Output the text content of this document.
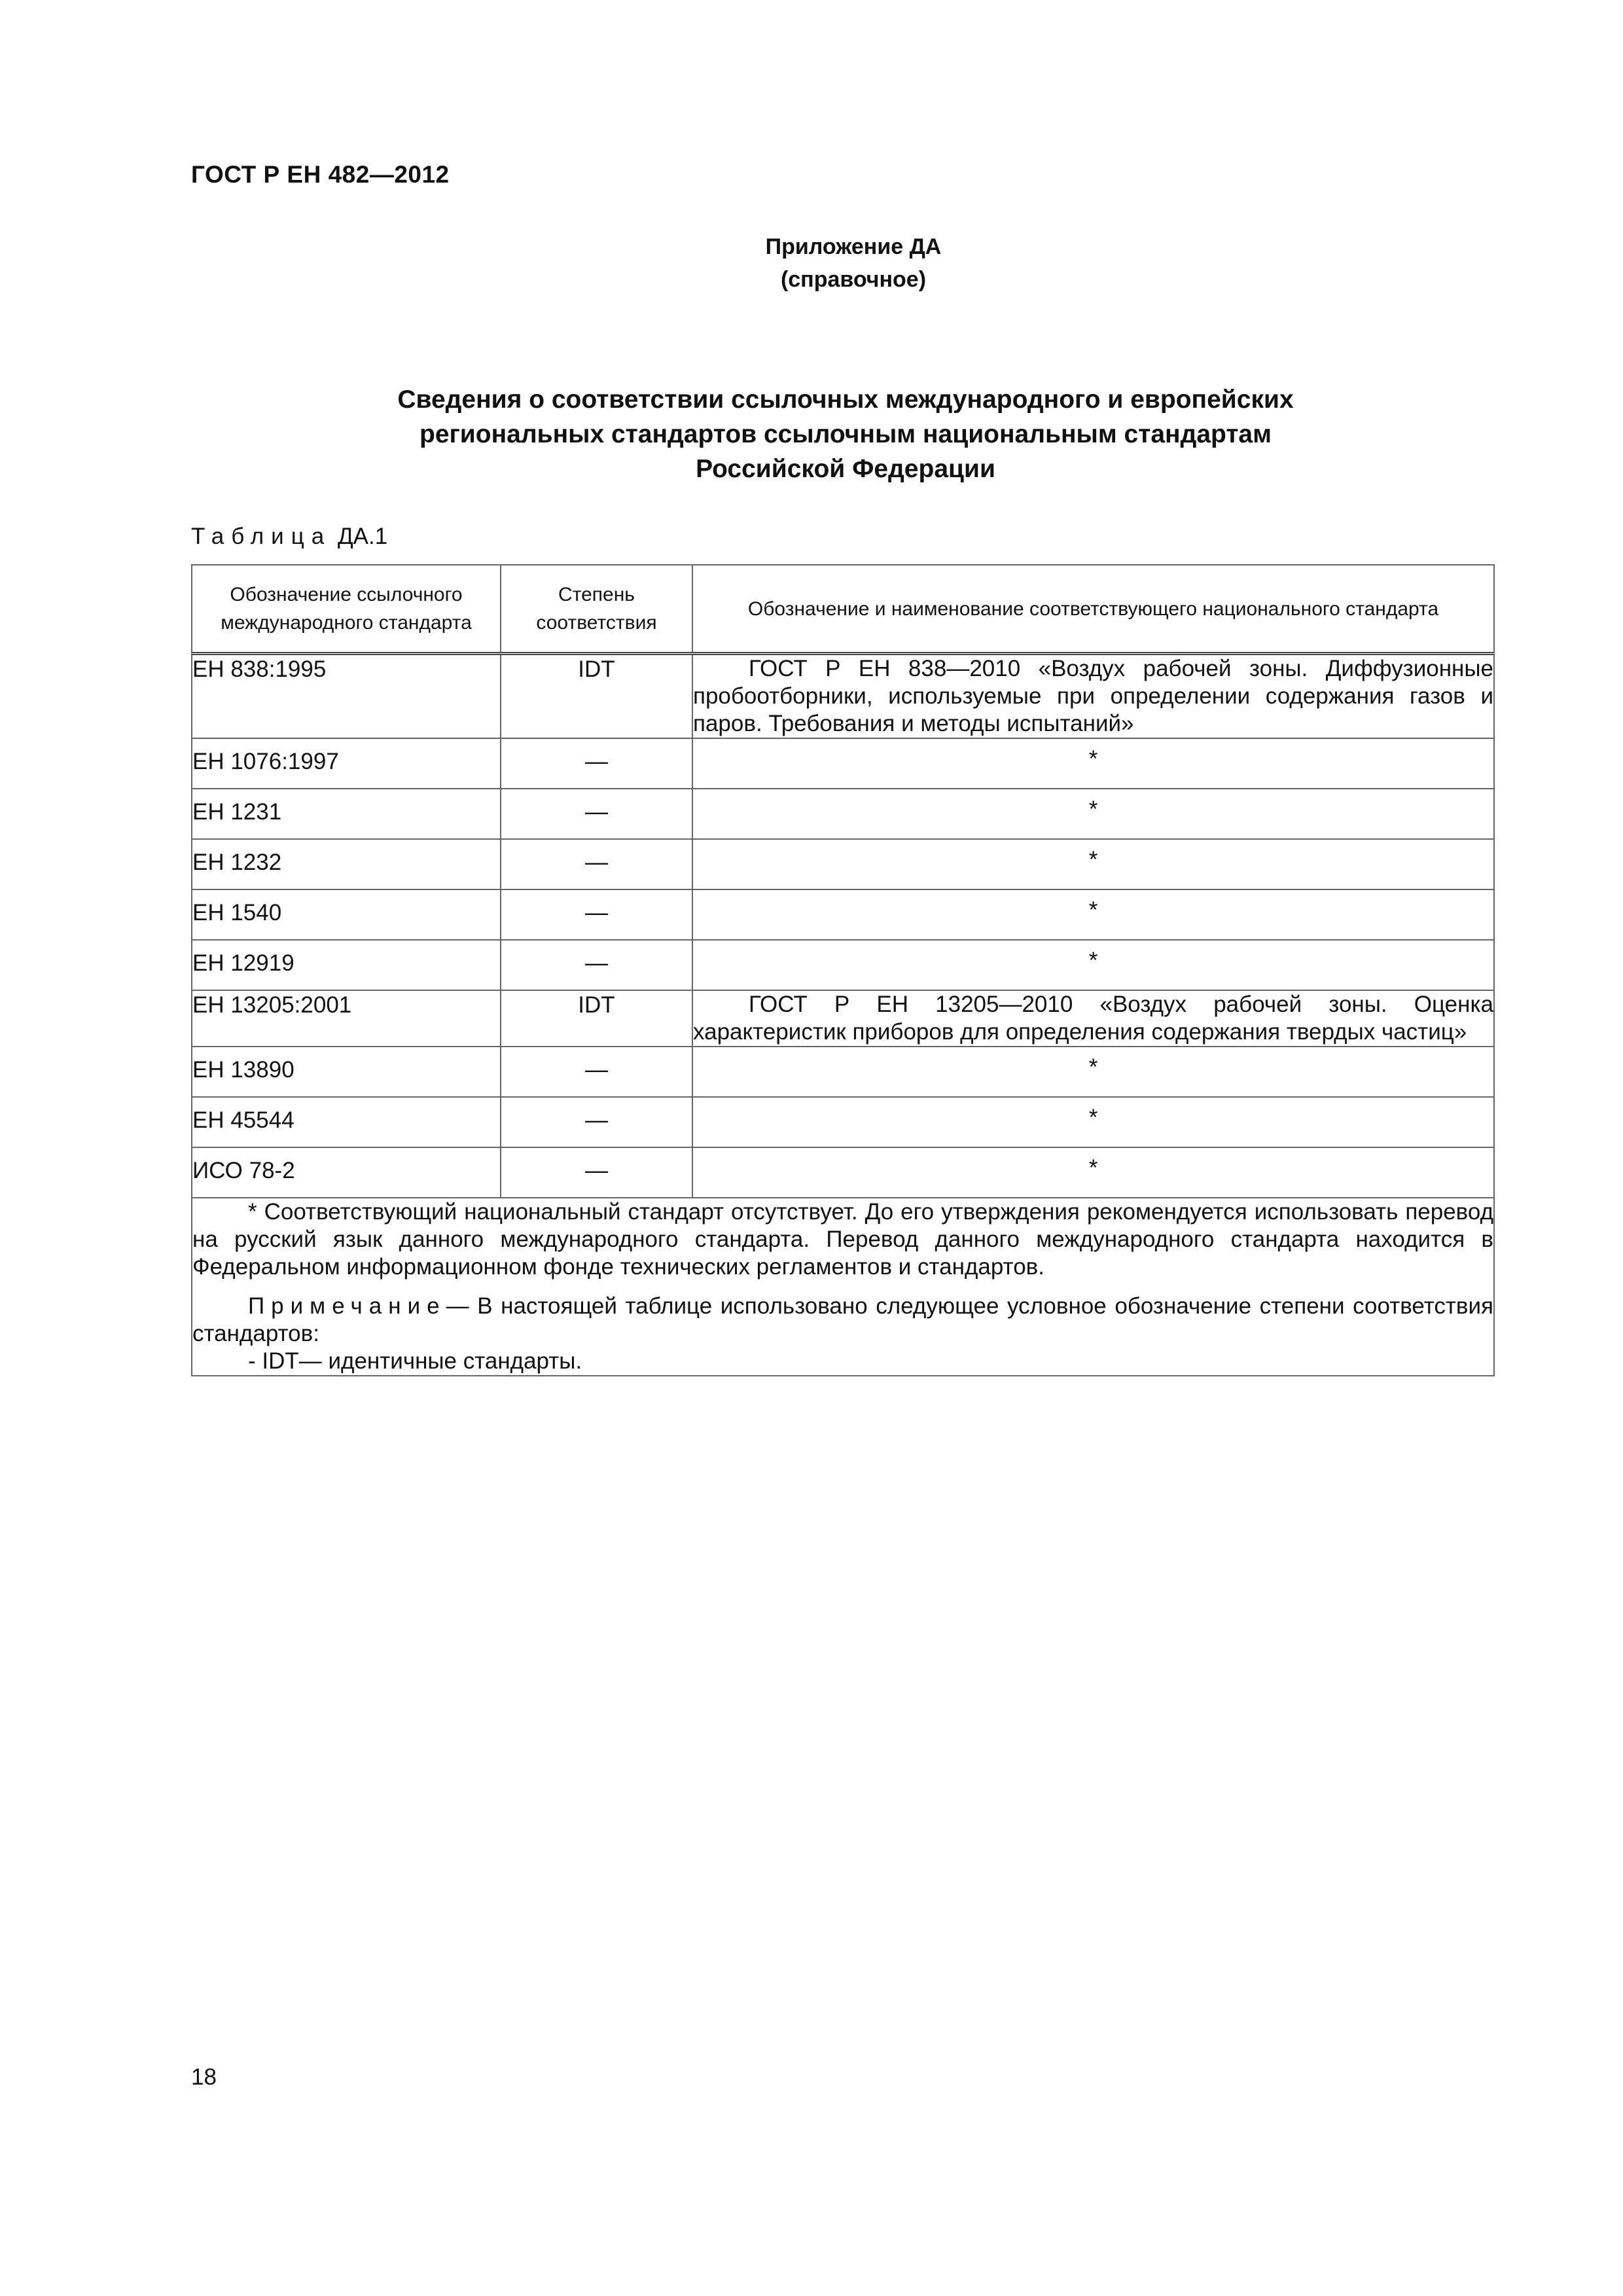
ГОСТ Р ЕН 482—2012
Приложение ДА
(справочное)
Сведения о соответствии ссылочных международного и европейских
региональных стандартов ссылочным национальным стандартам
Российской Федерации
Таблица ДА.1
Обозначение ссылочного международного стандарта	Степень соответствия	Обозначение и наименование соответствующего национального стандарта
ЕН 838:1995	IDT	ГОСТ Р ЕН 838—2010 «Воздух рабочей зоны. Диффузионные пробоотборники, используемые при определении содержания газов и паров. Требования и методы испытаний»

ЕН 1076:1997	—	*
ЕН 1231	—	*
ЕН 1232	—	*
ЕН 1540	—	*
ЕН 12919	—	*
ЕН 13205:2001	IDT	ГОСТ Р ЕН 13205—2010 «Воздух рабочей зоны. Оценка характеристик приборов для определения содержания твердых частиц»

ЕН 13890	—	*
ЕН 45544	—	*
ИСО 78-2	—	*

* Соответствующий национальный стандарт отсутствует. До его утверждения рекомендуется использовать перевод на русский язык данного международного стандарта. Перевод данного международного стандарта находится в Федеральном информационном фонде технических регламентов и стандартов.

Примечание— В настоящей таблице использовано следующее условное обозначение степени соответствия стандартов:
- IDT— идентичные стандарты.		

18
